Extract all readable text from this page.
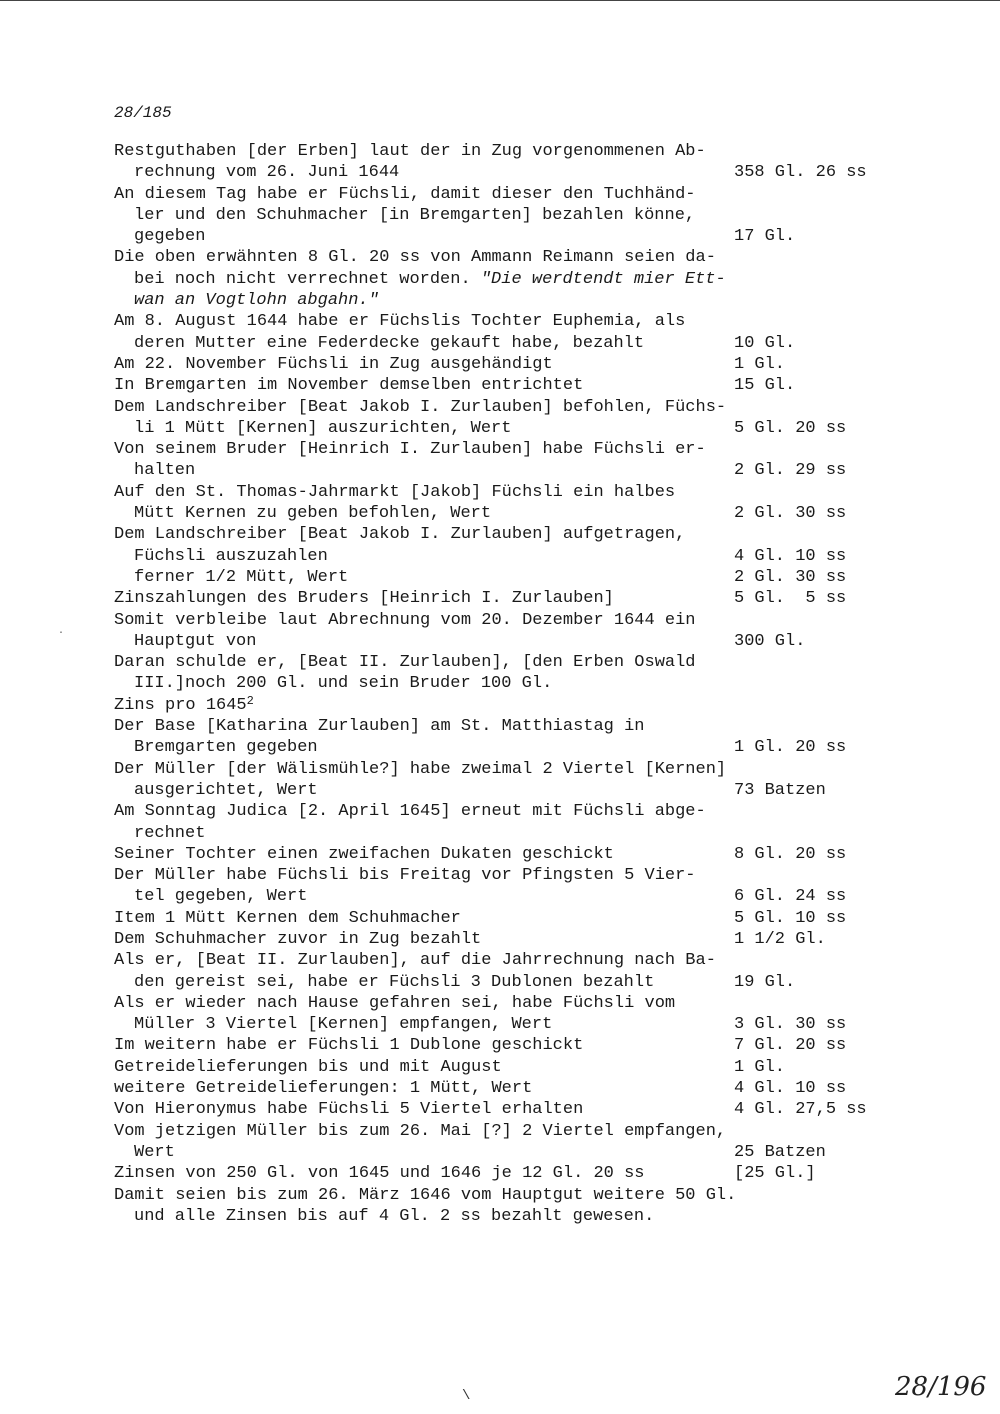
28/185
·
Restguthaben [der Erben] laut der in Zug vorgenommenen Ab-
rechnung vom 26. Juni 1644	358 Gl. 26 ss
An diesem Tag habe er Füchsli, damit dieser den Tuchhänd-
ler und den Schuhmacher [in Bremgarten] bezahlen könne,
gegeben	17 Gl.
Die oben erwähnten 8 Gl. 20 ss von Ammann Reimann seien da-
bei noch nicht verrechnet worden. "Die werdtendt mier Ett-
wan an Vogtlohn abgahn."
Am 8. August 1644 habe er Füchslis Tochter Euphemia, als
deren Mutter eine Federdecke gekauft habe, bezahlt	10 Gl.
Am 22. November Füchsli in Zug ausgehändigt	1 Gl.
In Bremgarten im November demselben entrichtet	15 Gl.
Dem Landschreiber [Beat Jakob I. Zurlauben] befohlen, Füchs-
li 1 Mütt [Kernen] auszurichten, Wert	5 Gl. 20 ss
Von seinem Bruder [Heinrich I. Zurlauben] habe Füchsli er-
halten	2 Gl. 29 ss
Auf den St. Thomas-Jahrmarkt [Jakob] Füchsli ein halbes
Mütt Kernen zu geben befohlen, Wert	2 Gl. 30 ss
Dem Landschreiber [Beat Jakob I. Zurlauben] aufgetragen,
Füchsli auszuzahlen	4 Gl. 10 ss
ferner 1/2 Mütt, Wert	2 Gl. 30 ss
Zinszahlungen des Bruders [Heinrich I. Zurlauben]	5 Gl.  5 ss
Somit verbleibe laut Abrechnung vom 20. Dezember 1644 ein
Hauptgut von	300 Gl.
Daran schulde er, [Beat II. Zurlauben], [den Erben Oswald
III.]noch 200 Gl. und sein Bruder 100 Gl.
Zins pro 1645$^2$
Der Base [Katharina Zurlauben] am St. Matthiastag in
Bremgarten gegeben	1 Gl. 20 ss
Der Müller [der Wälismühle?] habe zweimal 2 Viertel [Kernen]
ausgerichtet, Wert	73 Batzen
Am Sonntag Judica [2. April 1645] erneut mit Füchsli abge-
rechnet
Seiner Tochter einen zweifachen Dukaten geschickt	8 Gl. 20 ss
Der Müller habe Füchsli bis Freitag vor Pfingsten 5 Vier-
tel gegeben, Wert	6 Gl. 24 ss
Item 1 Mütt Kernen dem Schuhmacher	5 Gl. 10 ss
Dem Schuhmacher zuvor in Zug bezahlt	1 1/2 Gl.
Als er, [Beat II. Zurlauben], auf die Jahrrechnung nach Ba-
den gereist sei, habe er Füchsli 3 Dublonen bezahlt	19 Gl.
Als er wieder nach Hause gefahren sei, habe Füchsli vom
Müller 3 Viertel [Kernen] empfangen, Wert	3 Gl. 30 ss
Im weitern habe er Füchsli 1 Dublone geschickt	7 Gl. 20 ss
Getreidelieferungen bis und mit August	1 Gl.
weitere Getreidelieferungen: 1 Mütt, Wert	4 Gl. 10 ss
Von Hieronymus habe Füchsli 5 Viertel erhalten	4 Gl. 27,5 ss
Vom jetzigen Müller bis zum 26. Mai [?] 2 Viertel empfangen,
Wert	25 Batzen
Zinsen von 250 Gl. von 1645 und 1646 je 12 Gl. 20 ss	[25 Gl.]
Damit seien bis zum 26. März 1646 vom Hauptgut weitere 50 Gl.
und alle Zinsen bis auf 4 Gl. 2 ss bezahlt gewesen.
\	28/196
